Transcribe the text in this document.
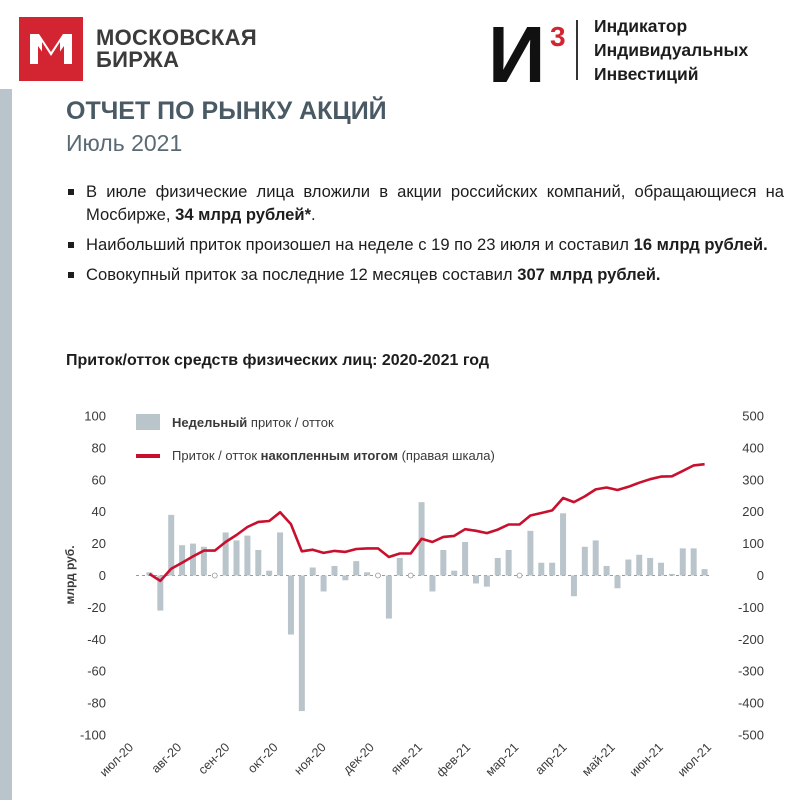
МОСКОВСКАЯ
БИРЖА	И 3 Индикатор
Индивидуальных
Инвестиций
ОТЧЕТ ПО РЫНКУ АКЦИЙ
Июль 2021
В июле физические лица вложили в акции российских компаний, обращающиеся на Мосбирже, 34 млрд рублей*.
Наибольший приток произошел на неделе с 19 по 23 июля и составил 16 млрд рублей.
Совокупный приток за последние 12 месяцев составил 307 млрд рублей.
Приток/отток средств физических лиц: 2020-2021 год
100
80
60
40
20
0
-20
-40
-60
-80
-100
500
400
300
200
100
0
-100
-200
-300
-400
-500
млрд руб.
июл-20 авг-20 сен-20 окт-20 ноя-20 дек-20 янв-21 фев-21 мар-21 апр-21 май-21 июн-21 июл-21
Недельный приток / отток
Приток / отток накопленным итогом (правая шкала)
